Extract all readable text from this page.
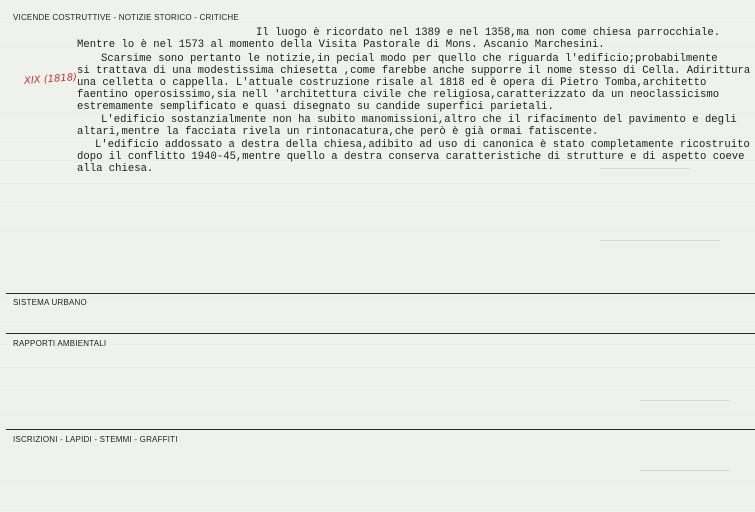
VICENDE COSTRUTTIVE - NOTIZIE STORICO - CRITICHE
XIX (1818)
Il luogo è ricordato nel 1389 e nel 1358,ma non come chiesa parrocchiale.
Mentre lo è nel 1573 al momento della Visita Pastorale di Mons. Ascanio Marchesini.
Scarsime sono pertanto le notizie,in pecial modo per quello che riguarda l'edificio;probabilmente
si trattava di una modestissima chiesetta ,come farebbe anche supporre il nome stesso di Cella. Adirittura
una celletta o cappella. L'attuale costruzione risale al 1818 ed è opera di Pietro Tomba,architetto
faentino operosissimo,sia nell 'architettura civile che religiosa,caratterizzato da un neoclassicismo
estremamente semplificato e quasi disegnato su candide superfici parietali.
L'edificio sostanzialmente non ha subito manomissioni,altro che il rifacimento del pavimento e degli
altari,mentre la facciata rivela un rintonacatura,che però è già ormai fatiscente.
L'edificio addossato a destra della chiesa,adibito ad uso di canonica è stato completamente ricostruito
dopo il conflitto 1940-45,mentre quello a destra conserva caratteristiche di strutture e di aspetto coeve
alla chiesa.
SISTEMA URBANO
RAPPORTI AMBIENTALI
ISCRIZIONI - LAPIDI - STEMMI - GRAFFITI
